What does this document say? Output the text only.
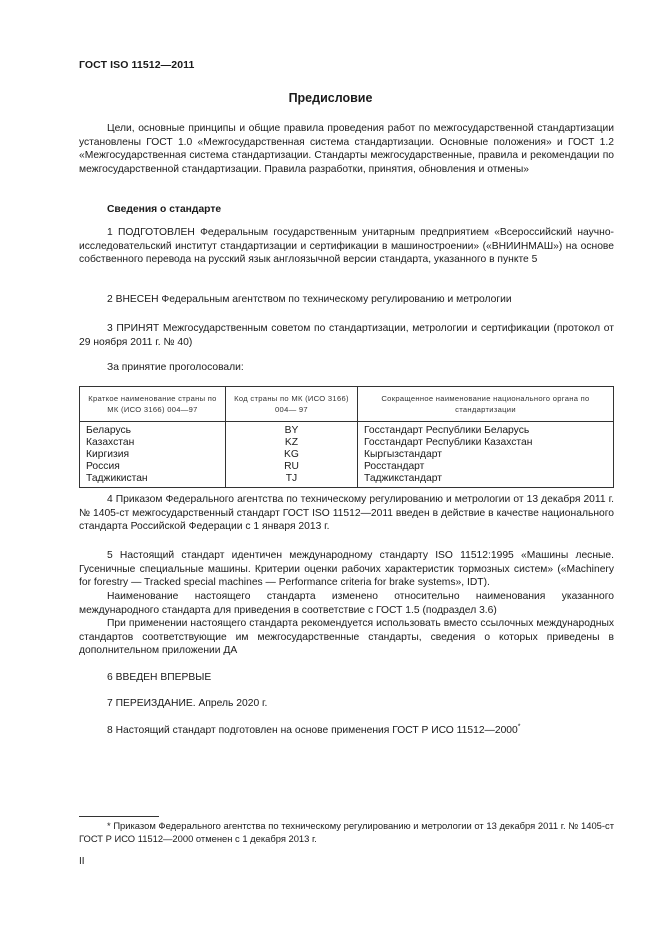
ГОСТ ISO 11512—2011
Предисловие
Цели, основные принципы и общие правила проведения работ по межгосударственной стандартизации установлены ГОСТ 1.0 «Межгосударственная система стандартизации. Основные положения» и ГОСТ 1.2 «Межгосударственная система стандартизации. Стандарты межгосударственные, правила и рекомендации по межгосударственной стандартизации. Правила разработки, принятия, обновления и отмены»
Сведения о стандарте
1 ПОДГОТОВЛЕН Федеральным государственным унитарным предприятием «Всероссийский научно-исследовательский институт стандартизации и сертификации в машиностроении» («ВНИИНМАШ») на основе собственного перевода на русский язык англоязычной версии стандарта, указанного в пункте 5
2 ВНЕСЕН Федеральным агентством по техническому регулированию и метрологии
3 ПРИНЯТ Межгосударственным советом по стандартизации, метрологии и сертификации (протокол от 29 ноября 2011 г. № 40)
За принятие проголосовали:
Краткое наименование страны по МК (ИСО 3166) 004—97	Код страны по МК (ИСО 3166) 004— 97	Сокращенное наименование национального органа по стандартизации
Беларусь	BY	Госстандарт Республики Беларусь
Казахстан	KZ	Госстандарт Республики Казахстан
Киргизия	KG	Кыргызстандарт
Россия	RU	Росстандарт
Таджикистан	TJ	Таджикстандарт
4 Приказом Федерального агентства по техническому регулированию и метрологии от 13 декабря 2011 г. № 1405-ст межгосударственный стандарт ГОСТ ISO 11512—2011 введен в действие в качестве национального стандарта Российской Федерации с 1 января 2013 г.
5 Настоящий стандарт идентичен международному стандарту ISO 11512:1995 «Машины лесные. Гусеничные специальные машины. Критерии оценки рабочих характеристик тормозных систем» («Machinery for forestry — Tracked special machines — Performance criteria for brake systems», IDT).
Наименование настоящего стандарта изменено относительно наименования указанного международного стандарта для приведения в соответствие с ГОСТ 1.5 (подраздел 3.6)
При применении настоящего стандарта рекомендуется использовать вместо ссылочных международных стандартов соответствующие им межгосударственные стандарты, сведения о которых приведены в дополнительном приложении ДА
6 ВВЕДЕН ВПЕРВЫЕ
7 ПЕРЕИЗДАНИЕ. Апрель 2020 г.
8 Настоящий стандарт подготовлен на основе применения ГОСТ Р ИСО 11512—2000*
* Приказом Федерального агентства по техническому регулированию и метрологии от 13 декабря 2011 г. № 1405-ст ГОСТ Р ИСО 11512—2000 отменен с 1 декабря 2013 г.
II
